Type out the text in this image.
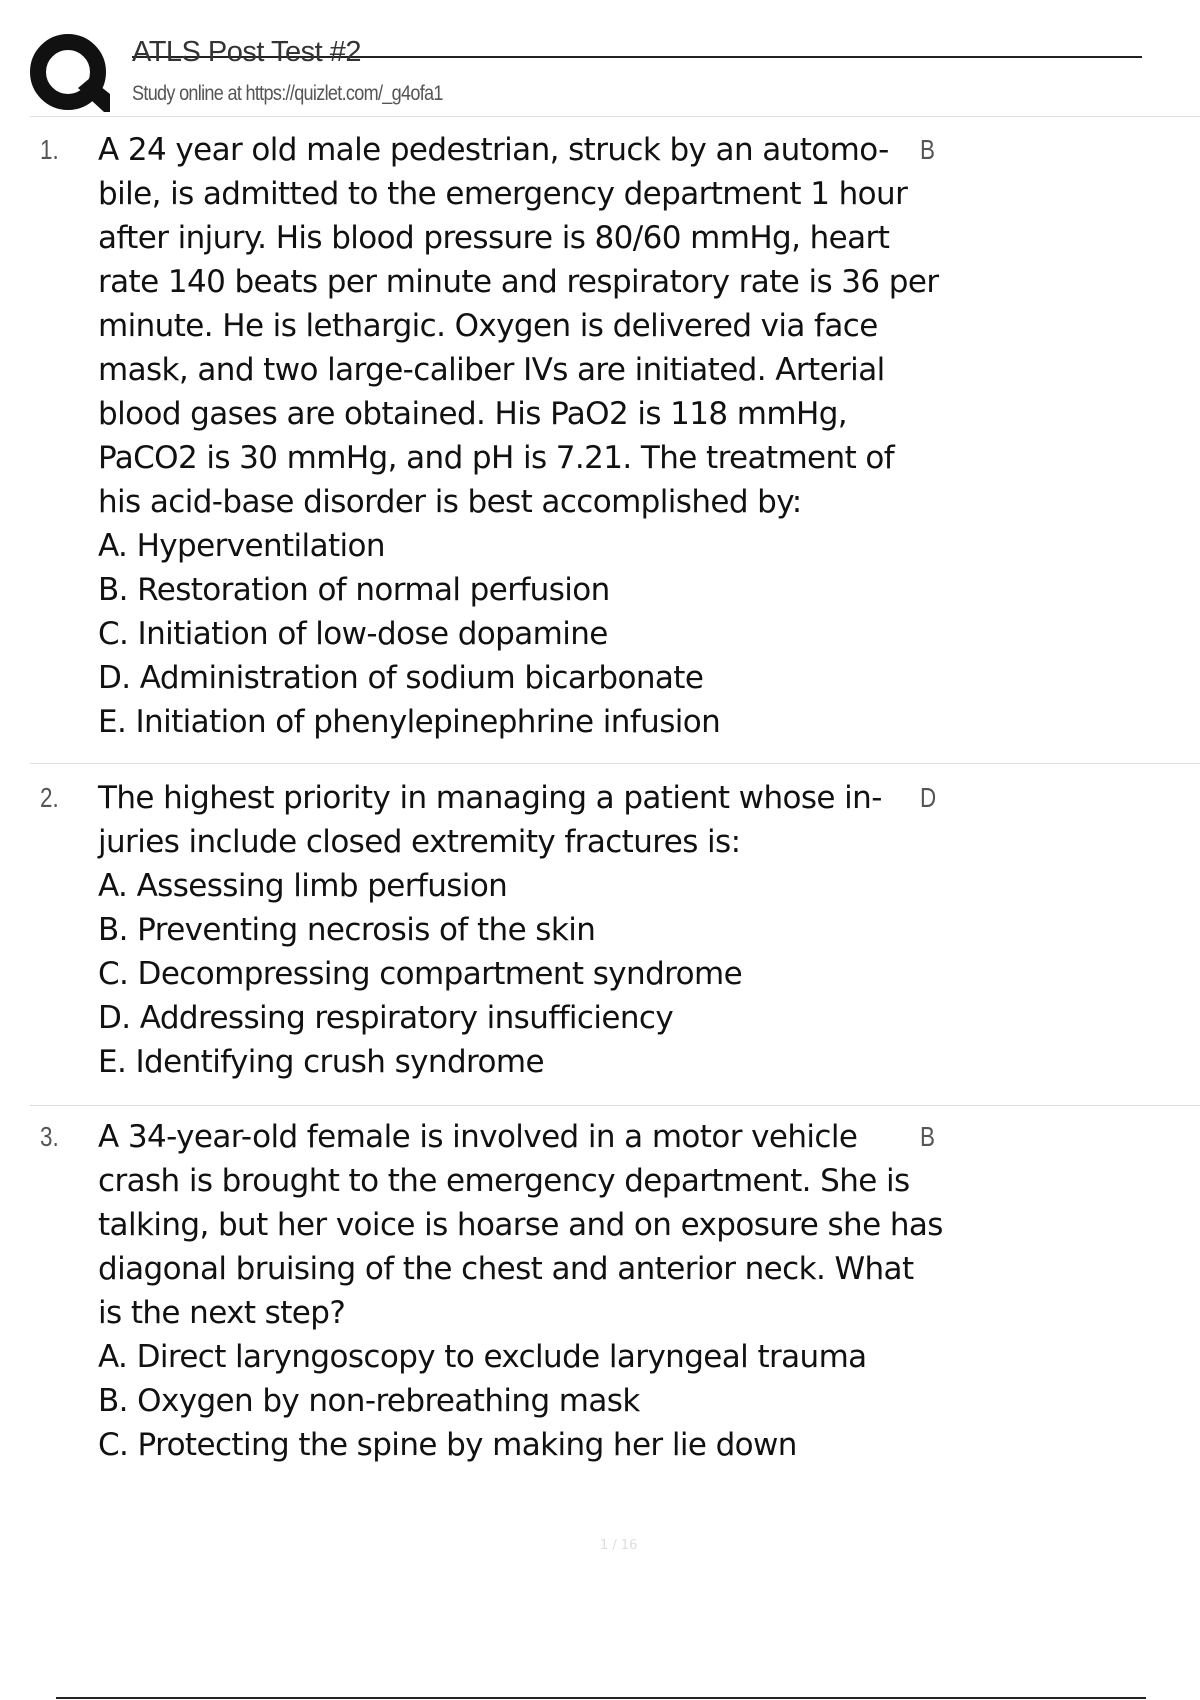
ATLS Post Test #2
Study online at https://quizlet.com/_g4ofa1
1. A 24 year old male pedestrian, struck by an automo-bile, is admitted to the emergency department 1 hour after injury. His blood pressure is 80/60 mmHg, heart rate 140 beats per minute and respiratory rate is 36 per minute. He is lethargic. Oxygen is delivered via face mask, and two large-caliber IVs are initiated. Arterial blood gases are obtained. His PaO2 is 118 mmHg, PaCO2 is 30 mmHg, and pH is 7.21. The treatment of his acid-base disorder is best accomplished by:
A. Hyperventilation
B. Restoration of normal perfusion
C. Initiation of low-dose dopamine
D. Administration of sodium bicarbonate
E. Initiation of phenylepinephrine infusion
B
2. The highest priority in managing a patient whose in-juries include closed extremity fractures is:
A. Assessing limb perfusion
B. Preventing necrosis of the skin
C. Decompressing compartment syndrome
D. Addressing respiratory insufficiency
E. Identifying crush syndrome
D
3. A 34-year-old female is involved in a motor vehicle crash is brought to the emergency department. She is talking, but her voice is hoarse and on exposure she has diagonal bruising of the chest and anterior neck. What is the next step?
A. Direct laryngoscopy to exclude laryngeal trauma
B. Oxygen by non-rebreathing mask
C. Protecting the spine by making her lie down
B
1 / 16
